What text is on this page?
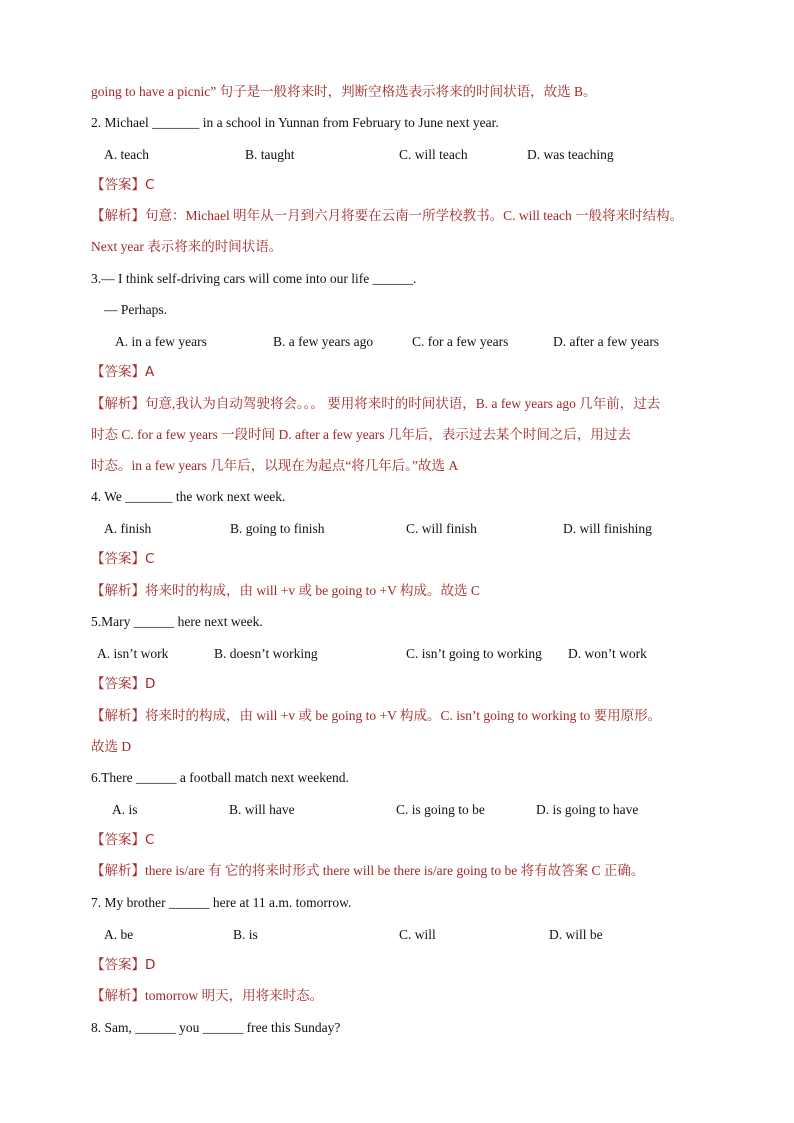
going to have a picnic” 句子是一般将来时，判断空格选表示将来的时间状语，故选 B。
2. Michael _______ in a school in Yunnan from February to June next year.
A. teach	B. taught	C. will teach	D. was teaching
【答案】C
【解析】句意：Michael 明年从一月到六月将要在云南一所学校教书。C. will teach 一般将来时结构。
Next year 表示将来的时间状语。
3.— I think self-driving cars will come into our life ______.
— Perhaps.
A. in a few years	B. a few years ago	C. for a few years	D. after a few years
【答案】A
【解析】句意,我认为自动驾驶将会。。。 要用将来时的时间状语，B. a few years ago 几年前，过去
时态 C. for a few years 一段时间 D. after a few years 几年后，表示过去某个时间之后，用过去
时态。in a few years 几年后，以现在为起点“将几年后。”故选 A
4. We _______ the work next week.
A. finish	B. going to finish	C. will finish	D. will finishing
【答案】C
【解析】将来时的构成，由 will +v 或 be going to +V 构成。故选 C
5.Mary ______ here next week.
A. isn’t work	B. doesn’t working	C. isn’t going to working D. won’t work
【答案】D
【解析】将来时的构成，由 will +v 或 be going to +V 构成。C. isn’t going to working to 要用原形。
故选 D
6.There ______ a football match next weekend.
A. is	B. will have	C. is going to be	D. is going to have
【答案】C
【解析】there is/are 有 它的将来时形式 there will be there is/are going to be 将有故答案 C 正确。
7. My brother ______ here at 11 a.m. tomorrow.
A. be	B. is	C. will	D. will be
【答案】D
【解析】tomorrow 明天，用将来时态。
8. Sam, ______ you ______ free this Sunday?
